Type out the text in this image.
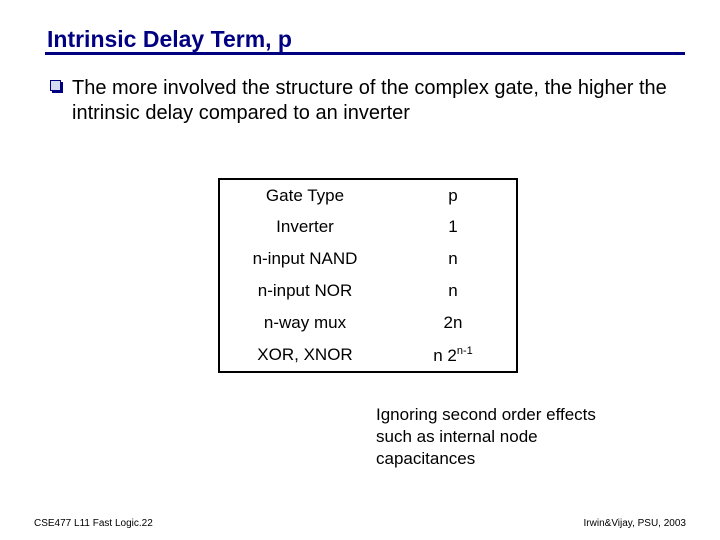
Intrinsic Delay Term, p
The more involved the structure of the complex gate, the higher the intrinsic delay compared to an inverter
Gate Type	p
Inverter	1
n-input NAND	n
n-input NOR	n
n-way mux	2n
XOR, XNOR	n 2$^{n-1}$
Ignoring second order effects such as internal node capacitances
CSE477 L11 Fast Logic.22	Irwin&Vijay, PSU, 2003
